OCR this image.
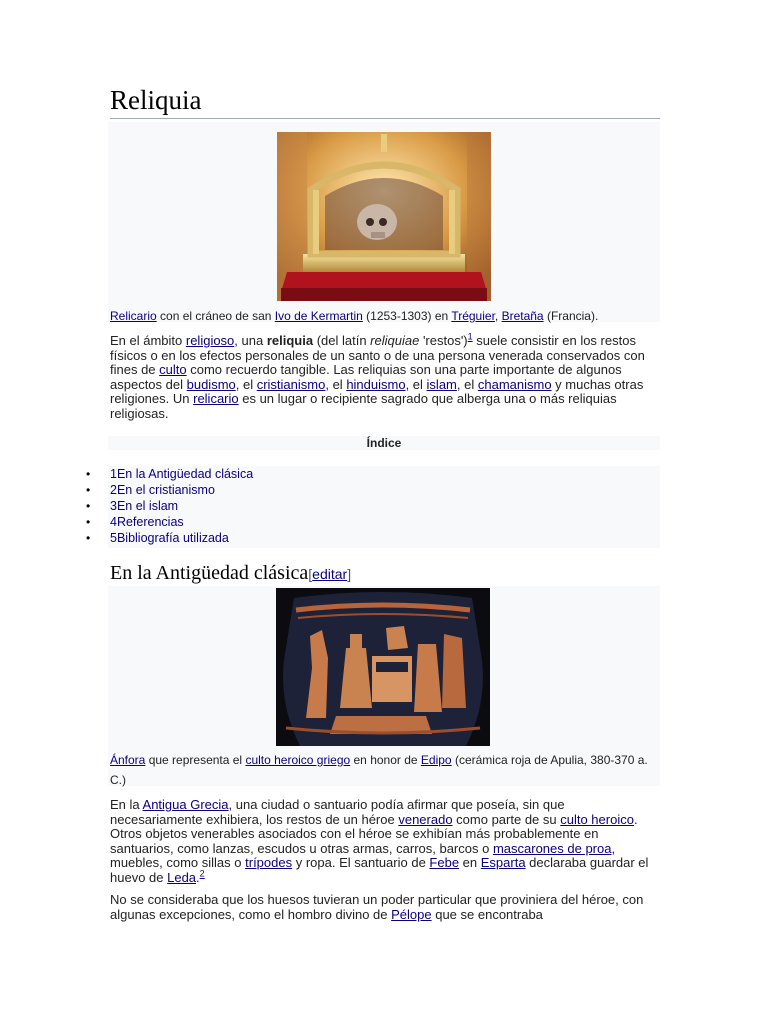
Reliquia
Relicario con el cráneo de san Ivo de Kermartin (1253-1303) en Tréguier, Bretaña (Francia).
En el ámbito religioso, una reliquia (del latín reliquiae 'restos')$^1$ suele consistir en los restos físicos o en los efectos personales de un santo o de una persona venerada conservados con fines de culto como recuerdo tangible. Las reliquias son una parte importante de algunos aspectos del budismo, el cristianismo, el hinduismo, el islam, el chamanismo y muchas otras religiones. Un relicario es un lugar o recipiente sagrado que alberga una o más reliquias religiosas.
Índice
• 1En la Antigüedad clásica
• 2En el cristianismo
• 3En el islam
• 4Referencias
• 5Bibliografía utilizada
En la Antigüedad clásica[editar]
Ánfora que representa el culto heroico griego en honor de Edipo (cerámica roja de Apulia, 380-370 a. C.)
En la Antigua Grecia, una ciudad o santuario podía afirmar que poseía, sin que necesariamente exhibiera, los restos de un héroe venerado como parte de su culto heroico. Otros objetos venerables asociados con el héroe se exhibían más probablemente en santuarios, como lanzas, escudos u otras armas, carros, barcos o mascarones de proa, muebles, como sillas o trípodes y ropa. El santuario de Febe en Esparta declaraba guardar el huevo de Leda.$^2$
No se consideraba que los huesos tuvieran un poder particular que proviniera del héroe, con algunas excepciones, como el hombro divino de Pélope que se encontraba
